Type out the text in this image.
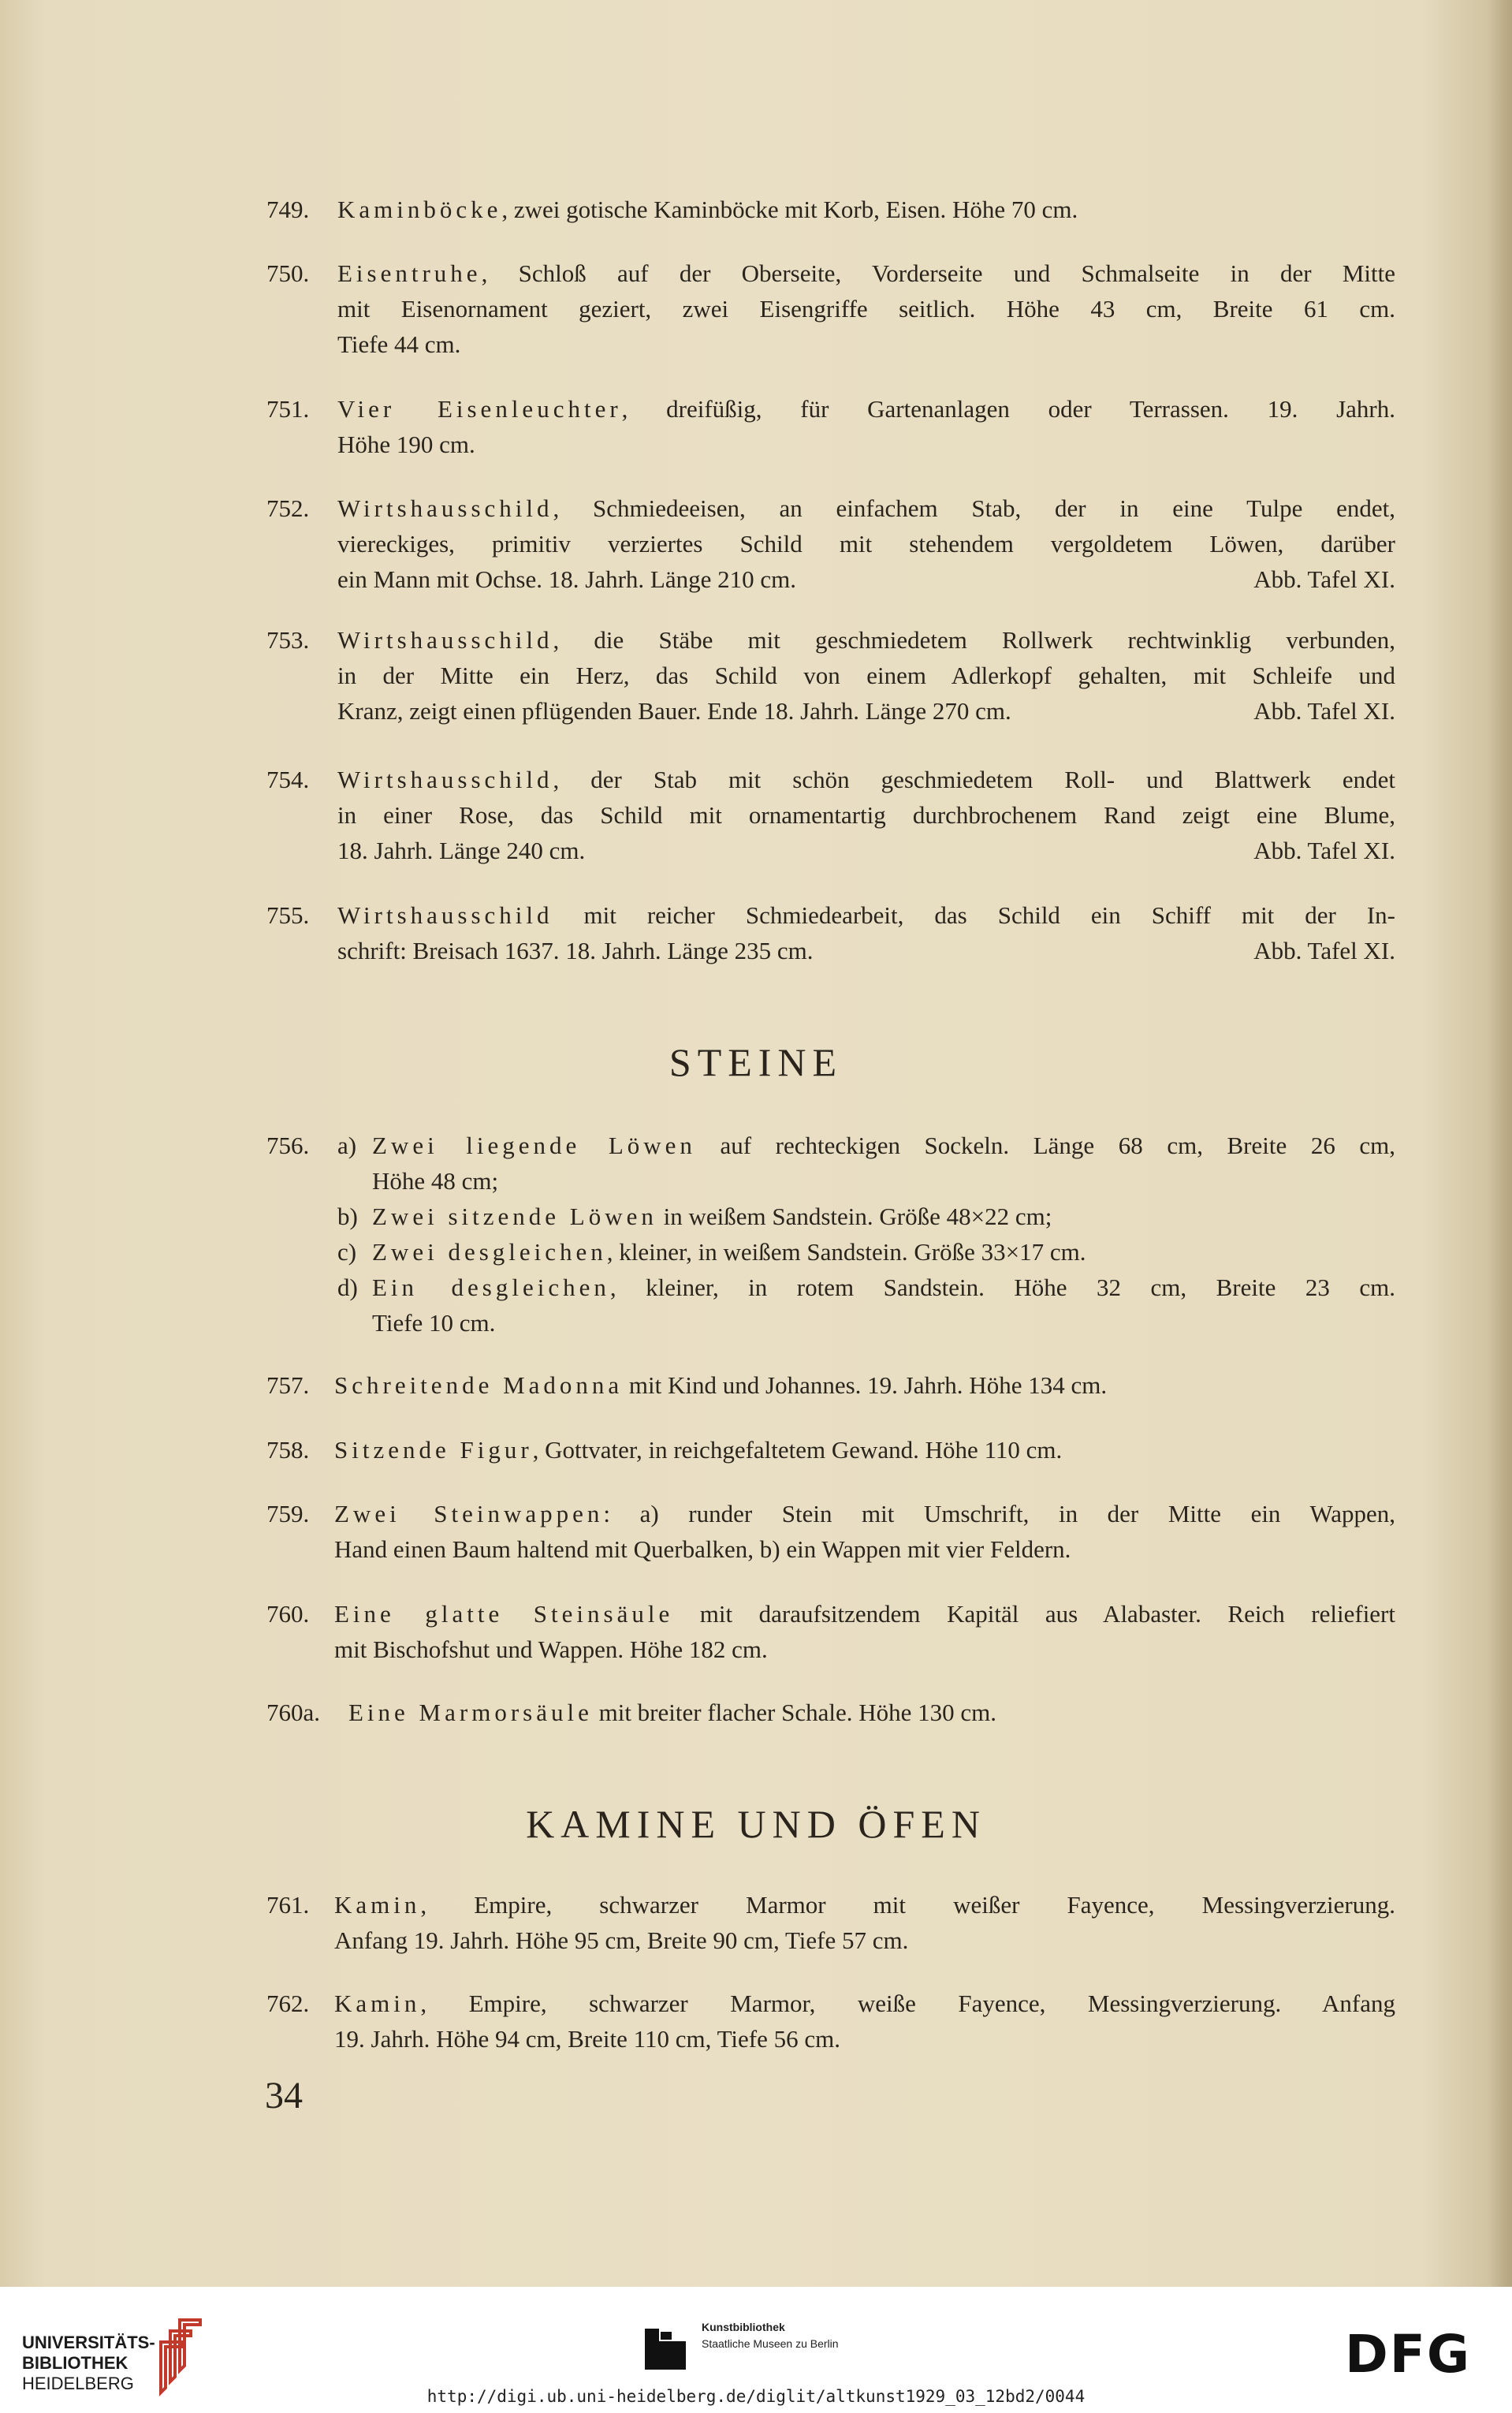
749.	Kaminböcke, zwei gotische Kaminböcke mit Korb, Eisen. Höhe 70 cm.
750.	Eisentruhe, Schloß auf der Oberseite, Vorderseite und Schmalseite in der Mitte
mit Eisenornament geziert, zwei Eisengriffe seitlich. Höhe 43 cm, Breite 61 cm.
Tiefe 44 cm.
751.	Vier Eisenleuchter, dreifüßig, für Gartenanlagen oder Terrassen. 19. Jahrh.
Höhe 190 cm.
752.	Wirtshausschild, Schmiedeeisen, an einfachem Stab, der in eine Tulpe endet,
viereckiges, primitiv verziertes Schild mit stehendem vergoldetem Löwen, darüber
ein Mann mit Ochse. 18. Jahrh. Länge 210 cm.	Abb. Tafel XI.
753.	Wirtshausschild, die Stäbe mit geschmiedetem Rollwerk rechtwinklig verbunden,
in der Mitte ein Herz, das Schild von einem Adlerkopf gehalten, mit Schleife und
Kranz, zeigt einen pflügenden Bauer. Ende 18. Jahrh. Länge 270 cm.	Abb. Tafel XI.
754.	Wirtshausschild, der Stab mit schön geschmiedetem Roll- und Blattwerk endet
in einer Rose, das Schild mit ornamentartig durchbrochenem Rand zeigt eine Blume,
18. Jahrh. Länge 240 cm.	Abb. Tafel XI.
755.	Wirtshausschild mit reicher Schmiedearbeit, das Schild ein Schiff mit der In-
schrift: Breisach 1637. 18. Jahrh. Länge 235 cm.	Abb. Tafel XI.
STEINE
756.	a) Zwei liegende Löwen auf rechteckigen Sockeln. Länge 68 cm, Breite 26 cm,
Höhe 48 cm;
b) Zwei sitzende Löwen in weißem Sandstein. Größe 48×22 cm;
c) Zwei desgleichen, kleiner, in weißem Sandstein. Größe 33×17 cm.
d) Ein desgleichen, kleiner, in rotem Sandstein. Höhe 32 cm, Breite 23 cm.
Tiefe 10 cm.
757.	Schreitende Madonna mit Kind und Johannes. 19. Jahrh. Höhe 134 cm.
758.	Sitzende Figur, Gottvater, in reichgefaltetem Gewand. Höhe 110 cm.
759.	Zwei Steinwappen: a) runder Stein mit Umschrift, in der Mitte ein Wappen,
Hand einen Baum haltend mit Querbalken, b) ein Wappen mit vier Feldern.
760.	Eine glatte Steinsäule mit daraufsitzendem Kapitäl aus Alabaster. Reich reliefiert
mit Bischofshut und Wappen. Höhe 182 cm.
760a.	Eine Marmorsäule mit breiter flacher Schale. Höhe 130 cm.
KAMINE UND ÖFEN
761.	Kamin, Empire, schwarzer Marmor mit weißer Fayence, Messingverzierung.
Anfang 19. Jahrh. Höhe 95 cm, Breite 90 cm, Tiefe 57 cm.
762.	Kamin, Empire, schwarzer Marmor, weiße Fayence, Messingverzierung. Anfang
19. Jahrh. Höhe 94 cm, Breite 110 cm, Tiefe 56 cm.
34
UNIVERSITÄTS-
BIBLIOTHEK
HEIDELBERG
Kunstbibliothek
Staatliche Museen zu Berlin	DFG
http://digi.ub.uni-heidelberg.de/diglit/altkunst1929_03_12bd2/0044
